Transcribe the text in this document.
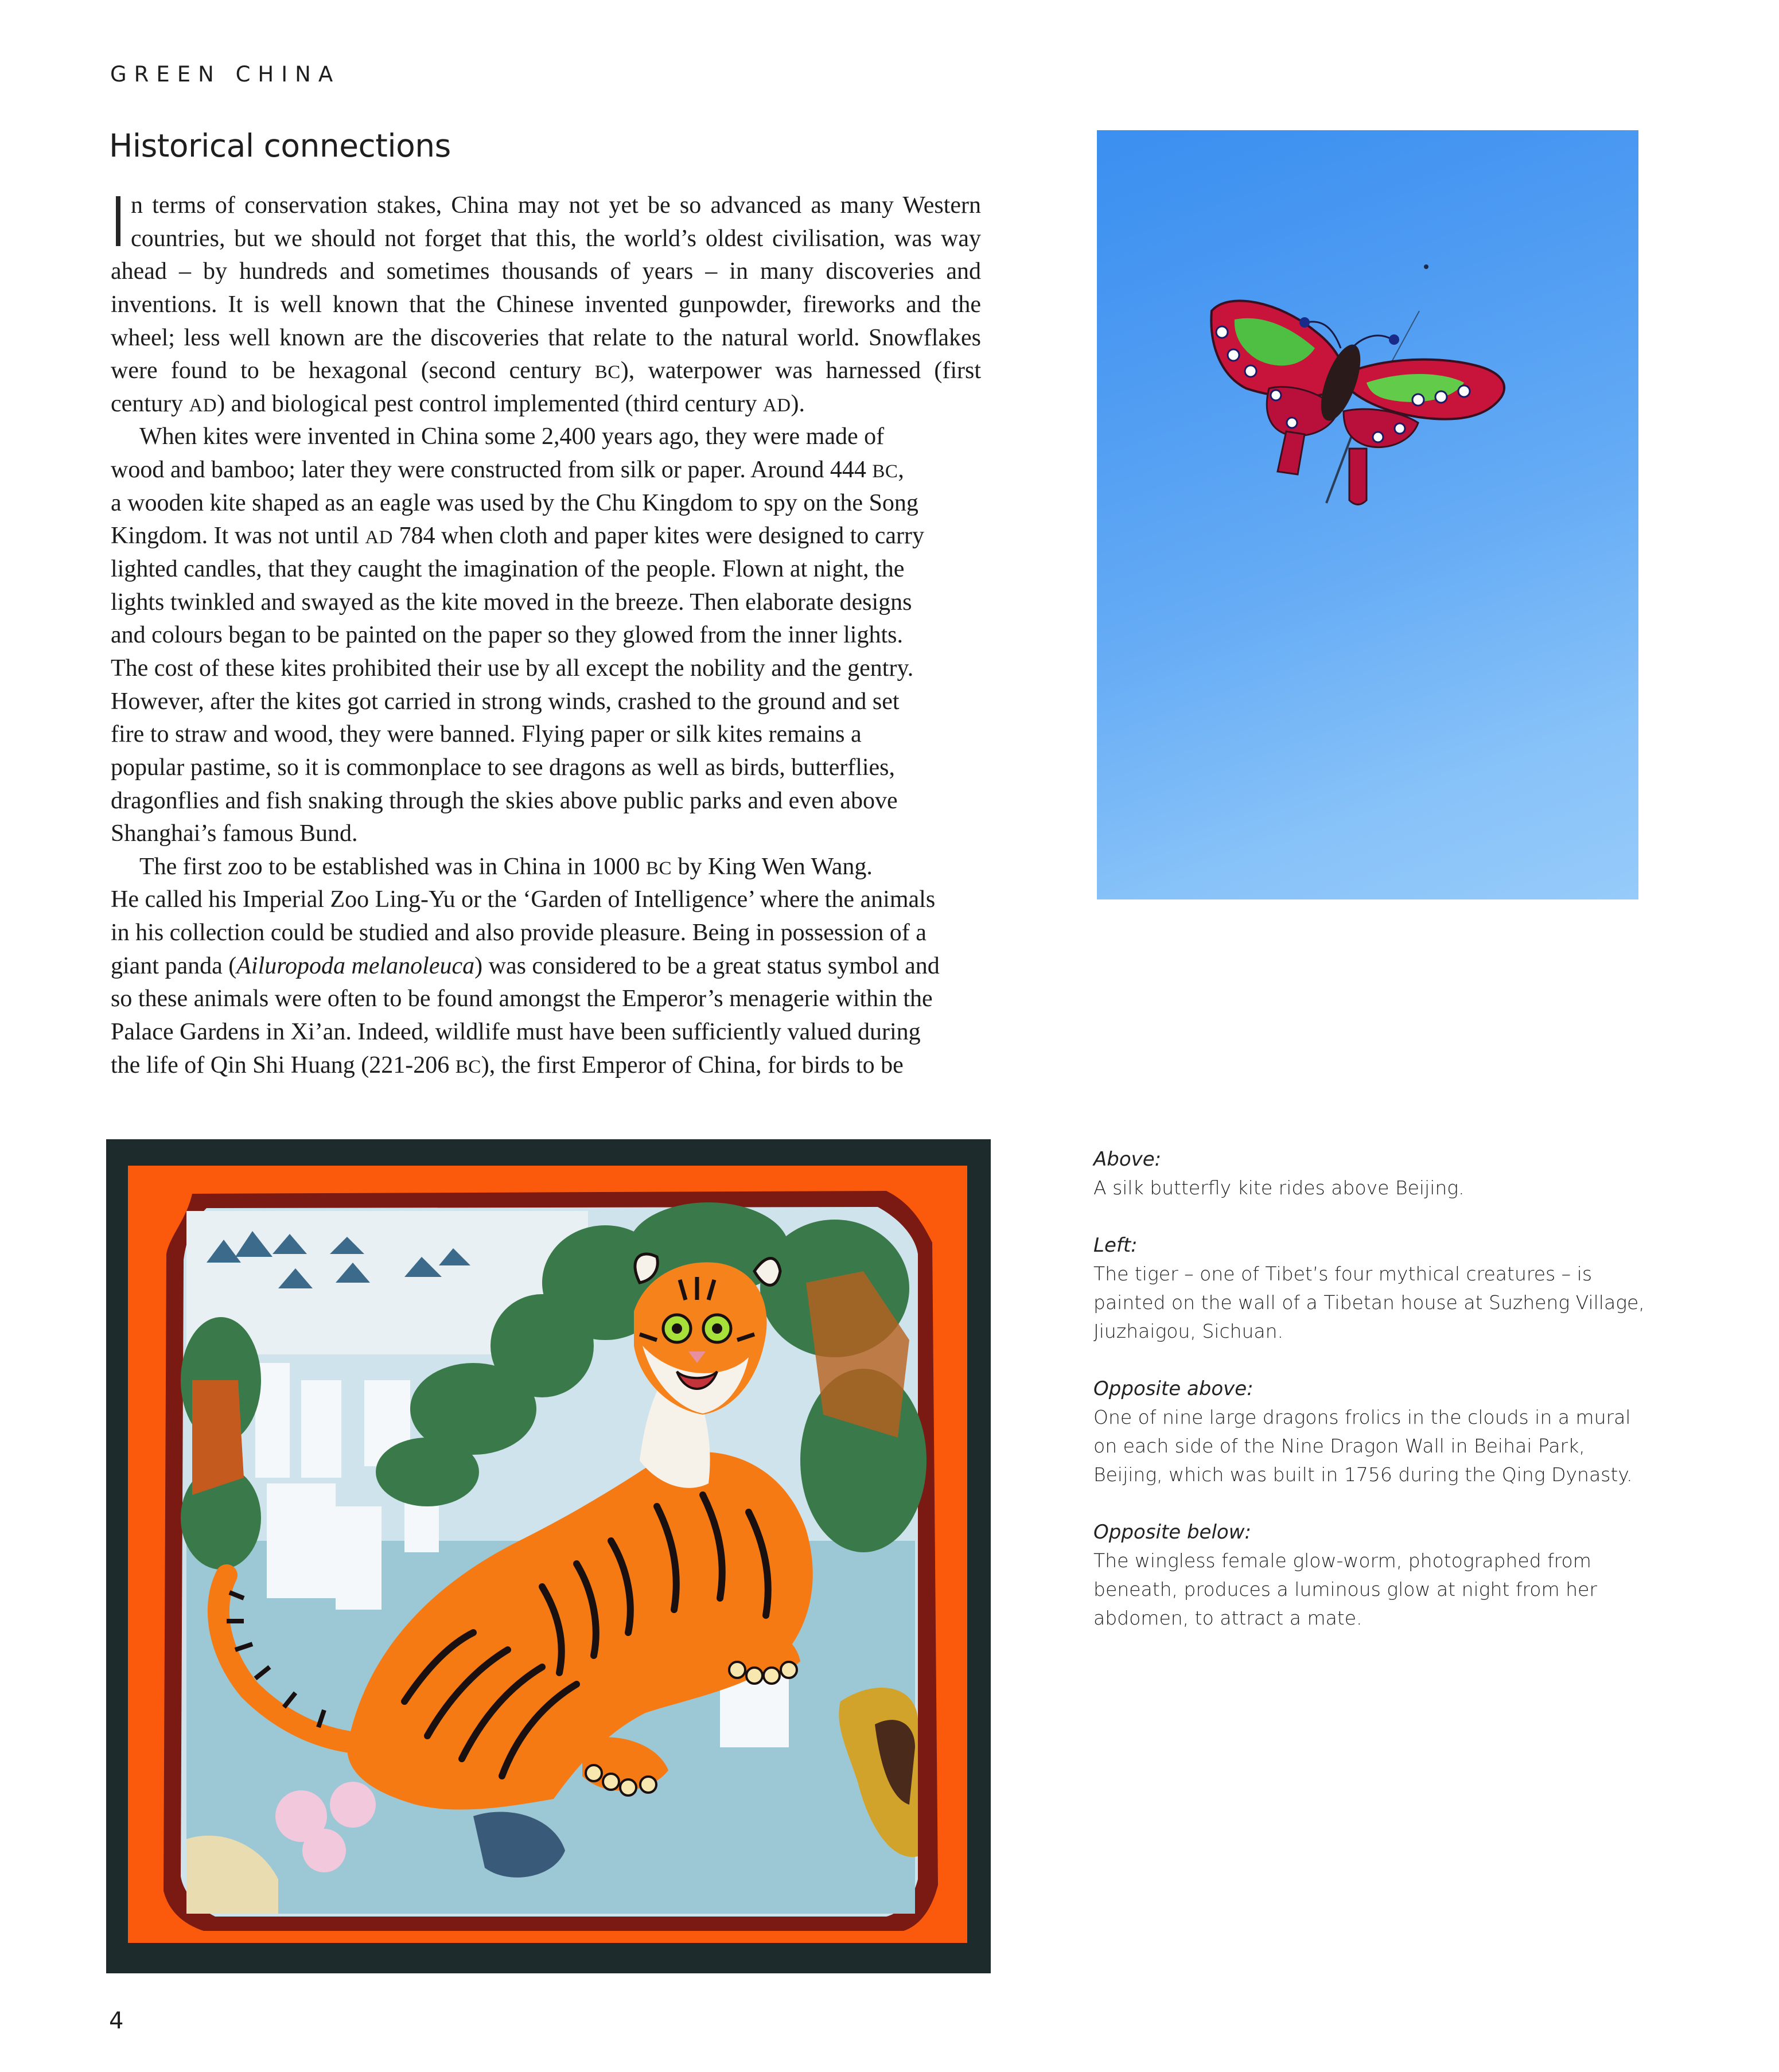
GREEN CHINA
Historical connections
n terms of conservation stakes, China may not yet be so advanced as many Western
countries, but we should not forget that this, the world’s oldest civilisation, was way
ahead – by hundreds and sometimes thousands of years – in many discoveries and
inventions. It is well known that the Chinese invented gunpowder, fireworks and the
wheel; less well known are the discoveries that relate to the natural world. Snowflakes
were found to be hexagonal (second century BC), waterpower was harnessed (first
century AD) and biological pest control implemented (third century AD).
When kites were invented in China some 2,400 years ago, they were made of
wood and bamboo; later they were constructed from silk or paper. Around 444 BC,
a wooden kite shaped as an eagle was used by the Chu Kingdom to spy on the Song
Kingdom. It was not until AD 784 when cloth and paper kites were designed to carry
lighted candles, that they caught the imagination of the people. Flown at night, the
lights twinkled and swayed as the kite moved in the breeze. Then elaborate designs
and colours began to be painted on the paper so they glowed from the inner lights.
The cost of these kites prohibited their use by all except the nobility and the gentry.
However, after the kites got carried in strong winds, crashed to the ground and set
fire to straw and wood, they were banned. Flying paper or silk kites remains a
popular pastime, so it is commonplace to see dragons as well as birds, butterflies,
dragonflies and fish snaking through the skies above public parks and even above
Shanghai’s famous Bund.
The first zoo to be established was in China in 1000 BC by King Wen Wang.
He called his Imperial Zoo Ling-Yu or the ‘Garden of Intelligence’ where the animals
in his collection could be studied and also provide pleasure. Being in possession of a
giant panda (Ailuropoda melanoleuca) was considered to be a great status symbol and
so these animals were often to be found amongst the Emperor’s menagerie within the
Palace Gardens in Xi’an. Indeed, wildlife must have been sufficiently valued during
the life of Qin Shi Huang (221-206 BC), the first Emperor of China, for birds to be
Above:
A silk butterfly kite rides above Beijing.
Left:
The tiger – one of Tibet’s four mythical creatures – is
painted on the wall of a Tibetan house at Suzheng Village,
Jiuzhaigou, Sichuan.
Opposite above:
One of nine large dragons frolics in the clouds in a mural
on each side of the Nine Dragon Wall in Beihai Park,
Beijing, which was built in 1756 during the Qing Dynasty.
Opposite below:
The wingless female glow-worm, photographed from
beneath, produces a luminous glow at night from her
abdomen, to attract a mate.
4
